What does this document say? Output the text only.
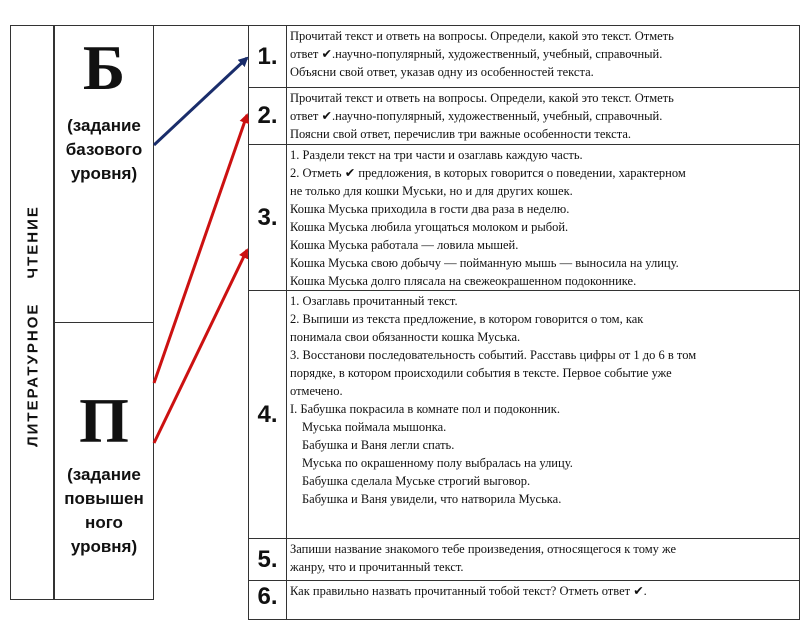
ЛИТЕРАТУРНОЕ ЧТЕНИЕ
Б
(задание
базового
уровня)
П
(задание
повышен
ного
уровня)
1.
2.
3.
4.
5.
6.
Прочитай текст и ответь на вопросы. Определи, какой это текст. Отметь
ответ ✔.научно-популярный, художественный, учебный, справочный.
Объясни свой ответ, указав одну из особенностей текста.
Прочитай текст и ответь на вопросы. Определи, какой это текст. Отметь
ответ ✔.научно-популярный, художественный, учебный, справочный.
Поясни свой ответ, перечислив три важные особенности текста.
1. Раздели текст на три части и озаглавь каждую часть.
2. Отметь ✔ предложения, в которых говорится о поведении, характерном
не только для кошки Муськи, но и для других кошек.
Кошка Муська приходила в гости два раза в неделю.
Кошка Муська любила угощаться молоком и рыбой.
Кошка Муська работала — ловила мышей.
Кошка Муська свою добычу — пойманную мышь — выносила на улицу.
Кошка Муська долго плясала на свежеокрашенном подоконнике.
1. Озаглавь прочитанный текст.
2. Выпиши из текста предложение, в котором говорится о том, как
понимала свои обязанности кошка Муська.
3. Восстанови последовательность событий. Расставь цифры от 1 до 6 в том
порядке, в котором происходили события в тексте. Первое событие уже
отмечено.
I. Бабушка покрасила в комнате пол и подоконник.
Муська поймала мышонка.
Бабушка и Ваня легли спать.
Муська по окрашенному полу выбралась на улицу.
Бабушка сделала Муське строгий выговор.
Бабушка и Ваня увидели, что натворила Муська.
Запиши название знакомого тебе произведения, относящегося к тому же
жанру, что и прочитанный текст.
Как правильно назвать прочитанный тобой текст? Отметь ответ ✔.
